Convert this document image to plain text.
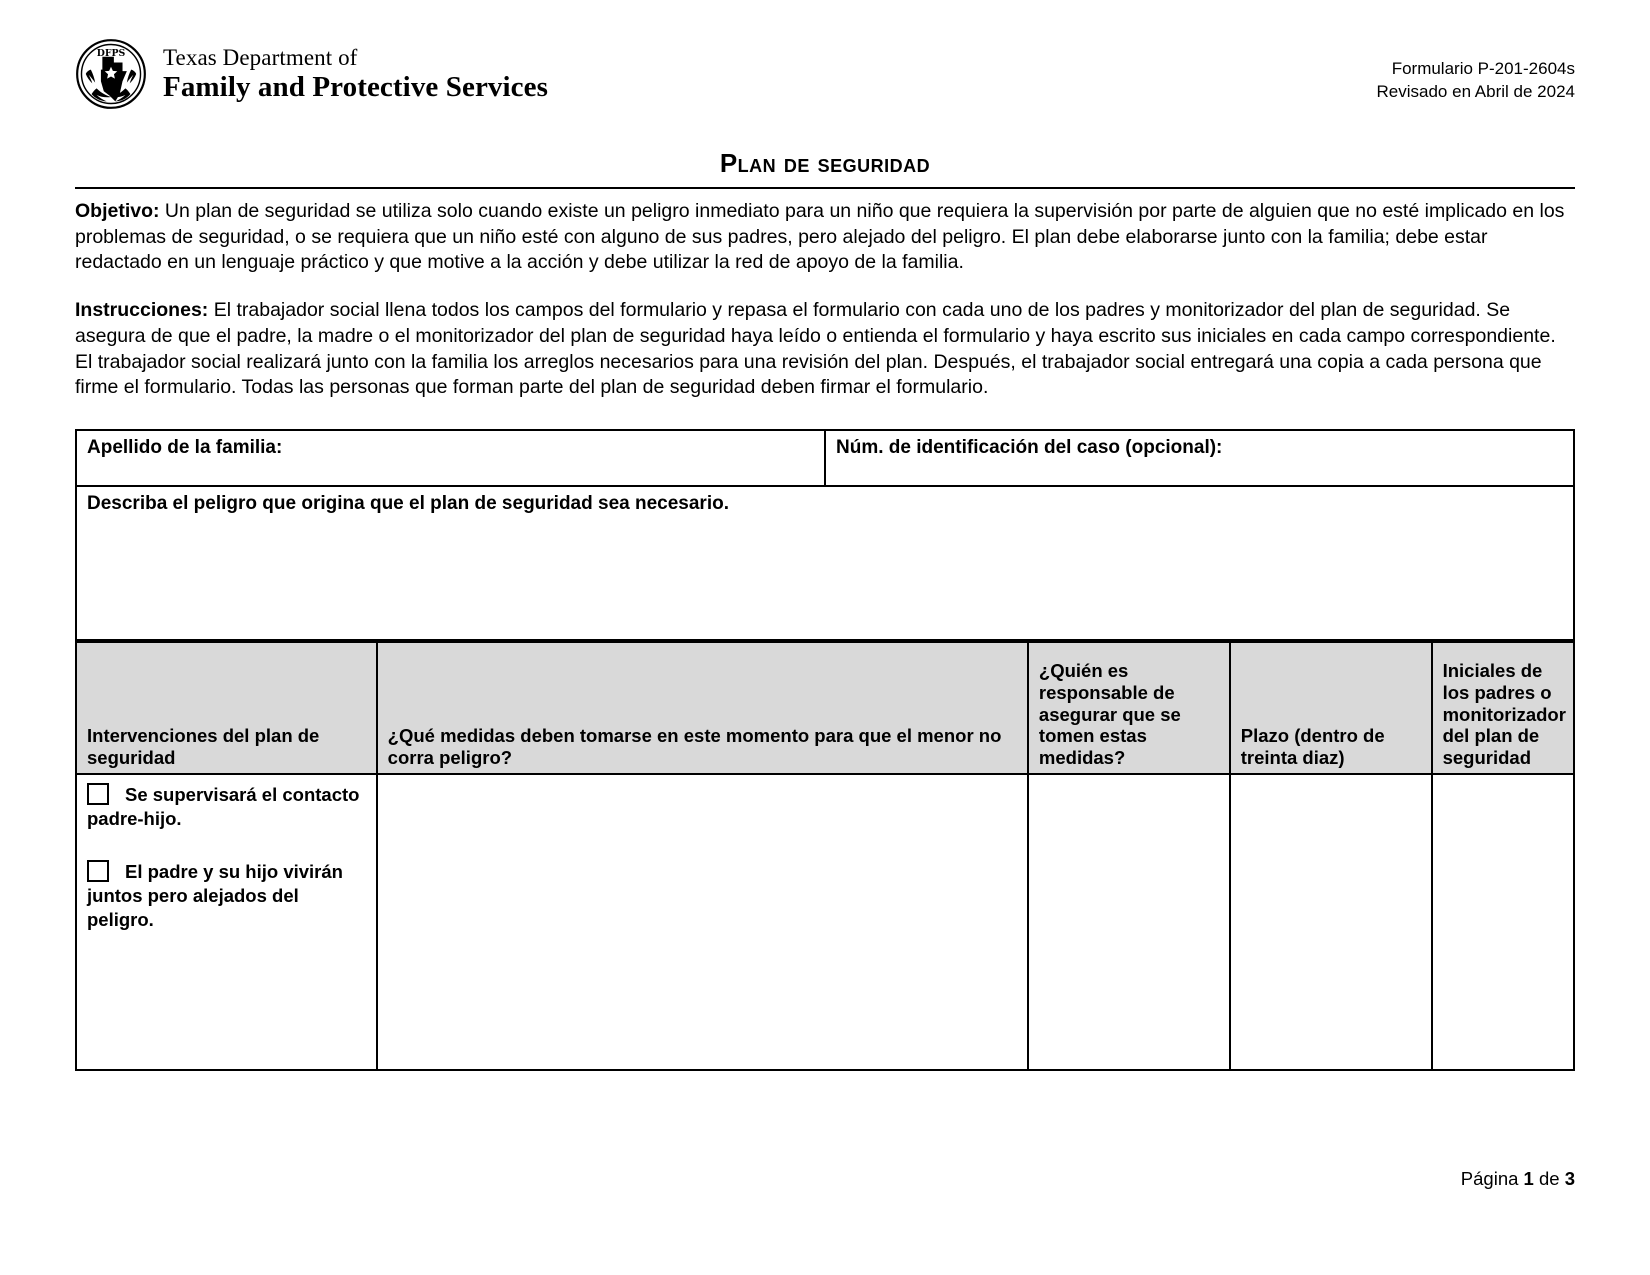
DFPS Texas Department of
Family and Protective Services
Formulario P-201-2604s
Revisado en Abril de 2024
Plan de seguridad

Objetivo: Un plan de seguridad se utiliza solo cuando existe un peligro inmediato para un niño que requiera la supervisión por parte de alguien que no esté implicado en los problemas de seguridad, o se requiera que un niño esté con alguno de sus padres, pero alejado del peligro. El plan debe elaborarse junto con la familia; debe estar redactado en un lenguaje práctico y que motive a la acción y debe utilizar la red de apoyo de la familia.

Instrucciones: El trabajador social llena todos los campos del formulario y repasa el formulario con cada uno de los padres y monitorizador del plan de seguridad. Se asegura de que el padre, la madre o el monitorizador del plan de seguridad haya leído o entienda el formulario y haya escrito sus iniciales en cada campo correspondiente. El trabajador social realizará junto con la familia los arreglos necesarios para una revisión del plan. Después, el trabajador social entregará una copia a cada persona que firme el formulario. Todas las personas que forman parte del plan de seguridad deben firmar el formulario.

Apellido de la familia:	Núm. de identificación del caso (opcional):
Describa el peligro que origina que el plan de seguridad sea necesario.
Intervenciones del plan de seguridad	¿Qué medidas deben tomarse en este momento para que el menor no corra peligro?	¿Quién es responsable de asegurar que se tomen estas medidas?	Plazo (dentro de treinta diaz)	Iniciales de los padres o monitorizador del plan de seguridad

Se supervisará el contacto padre-hijo.
El padre y su hijo vivirán juntos pero alejados del peligro.				

Página 1 de 3
